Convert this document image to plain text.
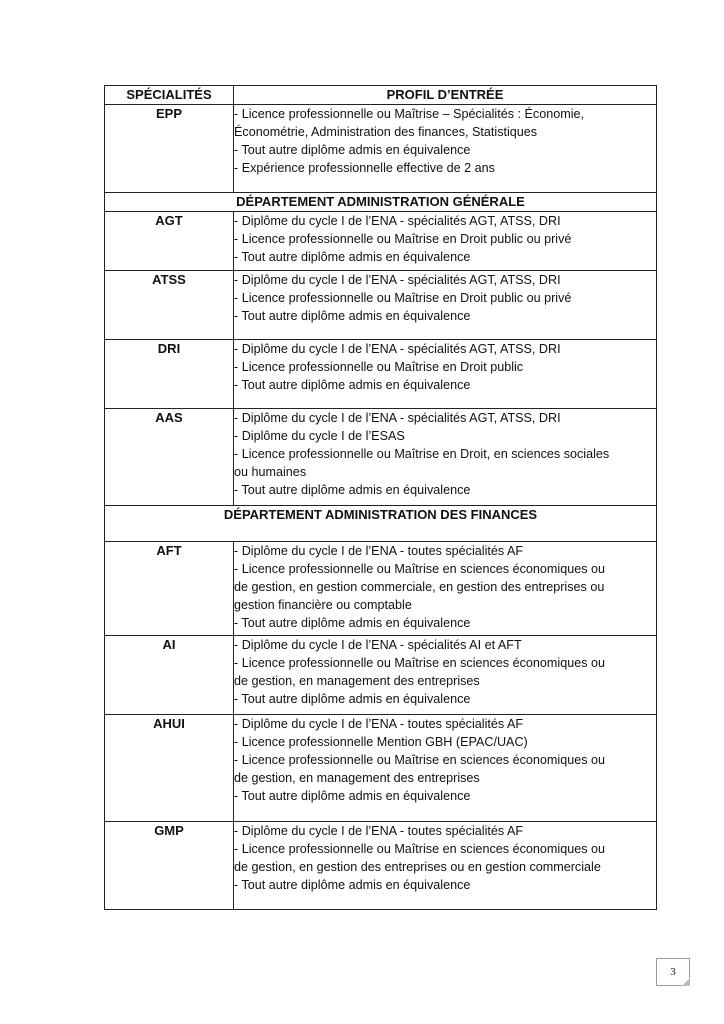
SPÉCIALITÉS	PROFIL D’ENTRÉE
EPP	- Licence professionnelle ou Maîtrise – Spécialités : Économie,
Économétrie, Administration des finances, Statistiques
- Tout autre diplôme admis en équivalence
- Expérience professionnelle effective de 2 ans

DÉPARTEMENT ADMINISTRATION GÉNÉRALE	
AGT	- Diplôme du cycle I de l’ENA - spécialités AGT, ATSS, DRI
- Licence professionnelle ou Maîtrise en Droit public ou privé
- Tout autre diplôme admis en équivalence

ATSS	- Diplôme du cycle I de l’ENA - spécialités AGT, ATSS, DRI
- Licence professionnelle ou Maîtrise en Droit public ou privé
- Tout autre diplôme admis en équivalence

DRI	- Diplôme du cycle I de l’ENA - spécialités AGT, ATSS, DRI
- Licence professionnelle ou Maîtrise en Droit public
- Tout autre diplôme admis en équivalence

AAS	- Diplôme du cycle I de l’ENA - spécialités AGT, ATSS, DRI
- Diplôme du cycle I de l’ESAS
- Licence professionnelle ou Maîtrise en Droit, en sciences sociales
ou humaines
- Tout autre diplôme admis en équivalence

DÉPARTEMENT ADMINISTRATION DES FINANCES	
AFT	- Diplôme du cycle I de l’ENA - toutes spécialités AF
- Licence professionnelle ou Maîtrise en sciences économiques ou
de gestion, en gestion commerciale, en gestion des entreprises ou
gestion financière ou comptable
- Tout autre diplôme admis en équivalence

AI	- Diplôme du cycle I de l’ENA - spécialités AI et AFT
- Licence professionnelle ou Maîtrise en sciences économiques ou
de gestion, en management des entreprises
- Tout autre diplôme admis en équivalence

AHUI	- Diplôme du cycle I de l’ENA - toutes spécialités AF
- Licence professionnelle Mention GBH (EPAC/UAC)
- Licence professionnelle ou Maîtrise en sciences économiques ou
de gestion, en management des entreprises
- Tout autre diplôme admis en équivalence

GMP	- Diplôme du cycle I de l’ENA - toutes spécialités AF
- Licence professionnelle ou Maîtrise en sciences économiques ou
de gestion, en gestion des entreprises ou en gestion commerciale
- Tout autre diplôme admis en équivalence
3
